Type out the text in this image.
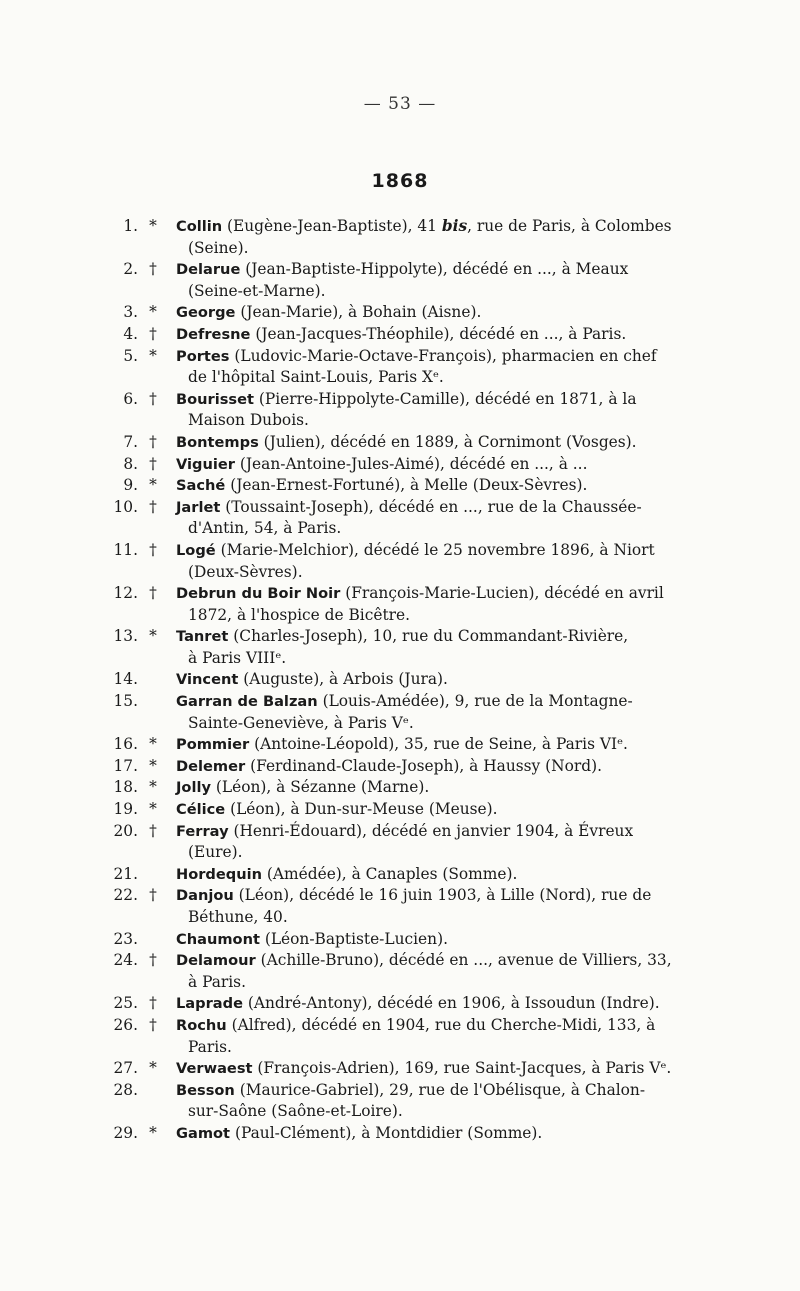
— 53 —
1868
1. *	Collin (Eugène-Jean-Baptiste), 41 bis, rue de Paris, à Colombes
(Seine).
2. †	Delarue (Jean-Baptiste-Hippolyte), décédé en ..., à Meaux
(Seine-et-Marne).
3. *	George (Jean-Marie), à Bohain (Aisne).
4. †	Defresne (Jean-Jacques-Théophile), décédé en ..., à Paris.
5. *	Portes (Ludovic-Marie-Octave-François), pharmacien en chef
de l'hôpital Saint-Louis, Paris Xᵉ.
6. †	Bourisset (Pierre-Hippolyte-Camille), décédé en 1871, à la
Maison Dubois.
7. †	Bontemps (Julien), décédé en 1889, à Cornimont (Vosges).
8. †	Viguier (Jean-Antoine-Jules-Aimé), décédé en ..., à ...
9. *	Saché (Jean-Ernest-Fortuné), à Melle (Deux-Sèvres).
10. †	Jarlet (Toussaint-Joseph), décédé en ..., rue de la Chaussée-
d'Antin, 54, à Paris.
11. †	Logé (Marie-Melchior), décédé le 25 novembre 1896, à Niort
(Deux-Sèvres).
12. †	Debrun du Boir Noir (François-Marie-Lucien), décédé en avril
1872, à l'hospice de Bicêtre.
13. *	Tanret (Charles-Joseph), 10, rue du Commandant-Rivière,
à Paris VIIIᵉ.
14.	Vincent (Auguste), à Arbois (Jura).
15.	Garran de Balzan (Louis-Amédée), 9, rue de la Montagne-
Sainte-Geneviève, à Paris Vᵉ.
16. *	Pommier (Antoine-Léopold), 35, rue de Seine, à Paris VIᵉ.
17. *	Delemer (Ferdinand-Claude-Joseph), à Haussy (Nord).
18. *	Jolly (Léon), à Sézanne (Marne).
19. *	Célice (Léon), à Dun-sur-Meuse (Meuse).
20. †	Ferray (Henri-Édouard), décédé en janvier 1904, à Évreux
(Eure).
21.	Hordequin (Amédée), à Canaples (Somme).
22. †	Danjou (Léon), décédé le 16 juin 1903, à Lille (Nord), rue de
Béthune, 40.
23.	Chaumont (Léon-Baptiste-Lucien).
24. †	Delamour (Achille-Bruno), décédé en ..., avenue de Villiers, 33,
à Paris.
25. †	Laprade (André-Antony), décédé en 1906, à Issoudun (Indre).
26. †	Rochu (Alfred), décédé en 1904, rue du Cherche-Midi, 133, à
Paris.
27. *	Verwaest (François-Adrien), 169, rue Saint-Jacques, à Paris Vᵉ.
28.	Besson (Maurice-Gabriel), 29, rue de l'Obélisque, à Chalon-
sur-Saône (Saône-et-Loire).
29. *	Gamot (Paul-Clément), à Montdidier (Somme).
